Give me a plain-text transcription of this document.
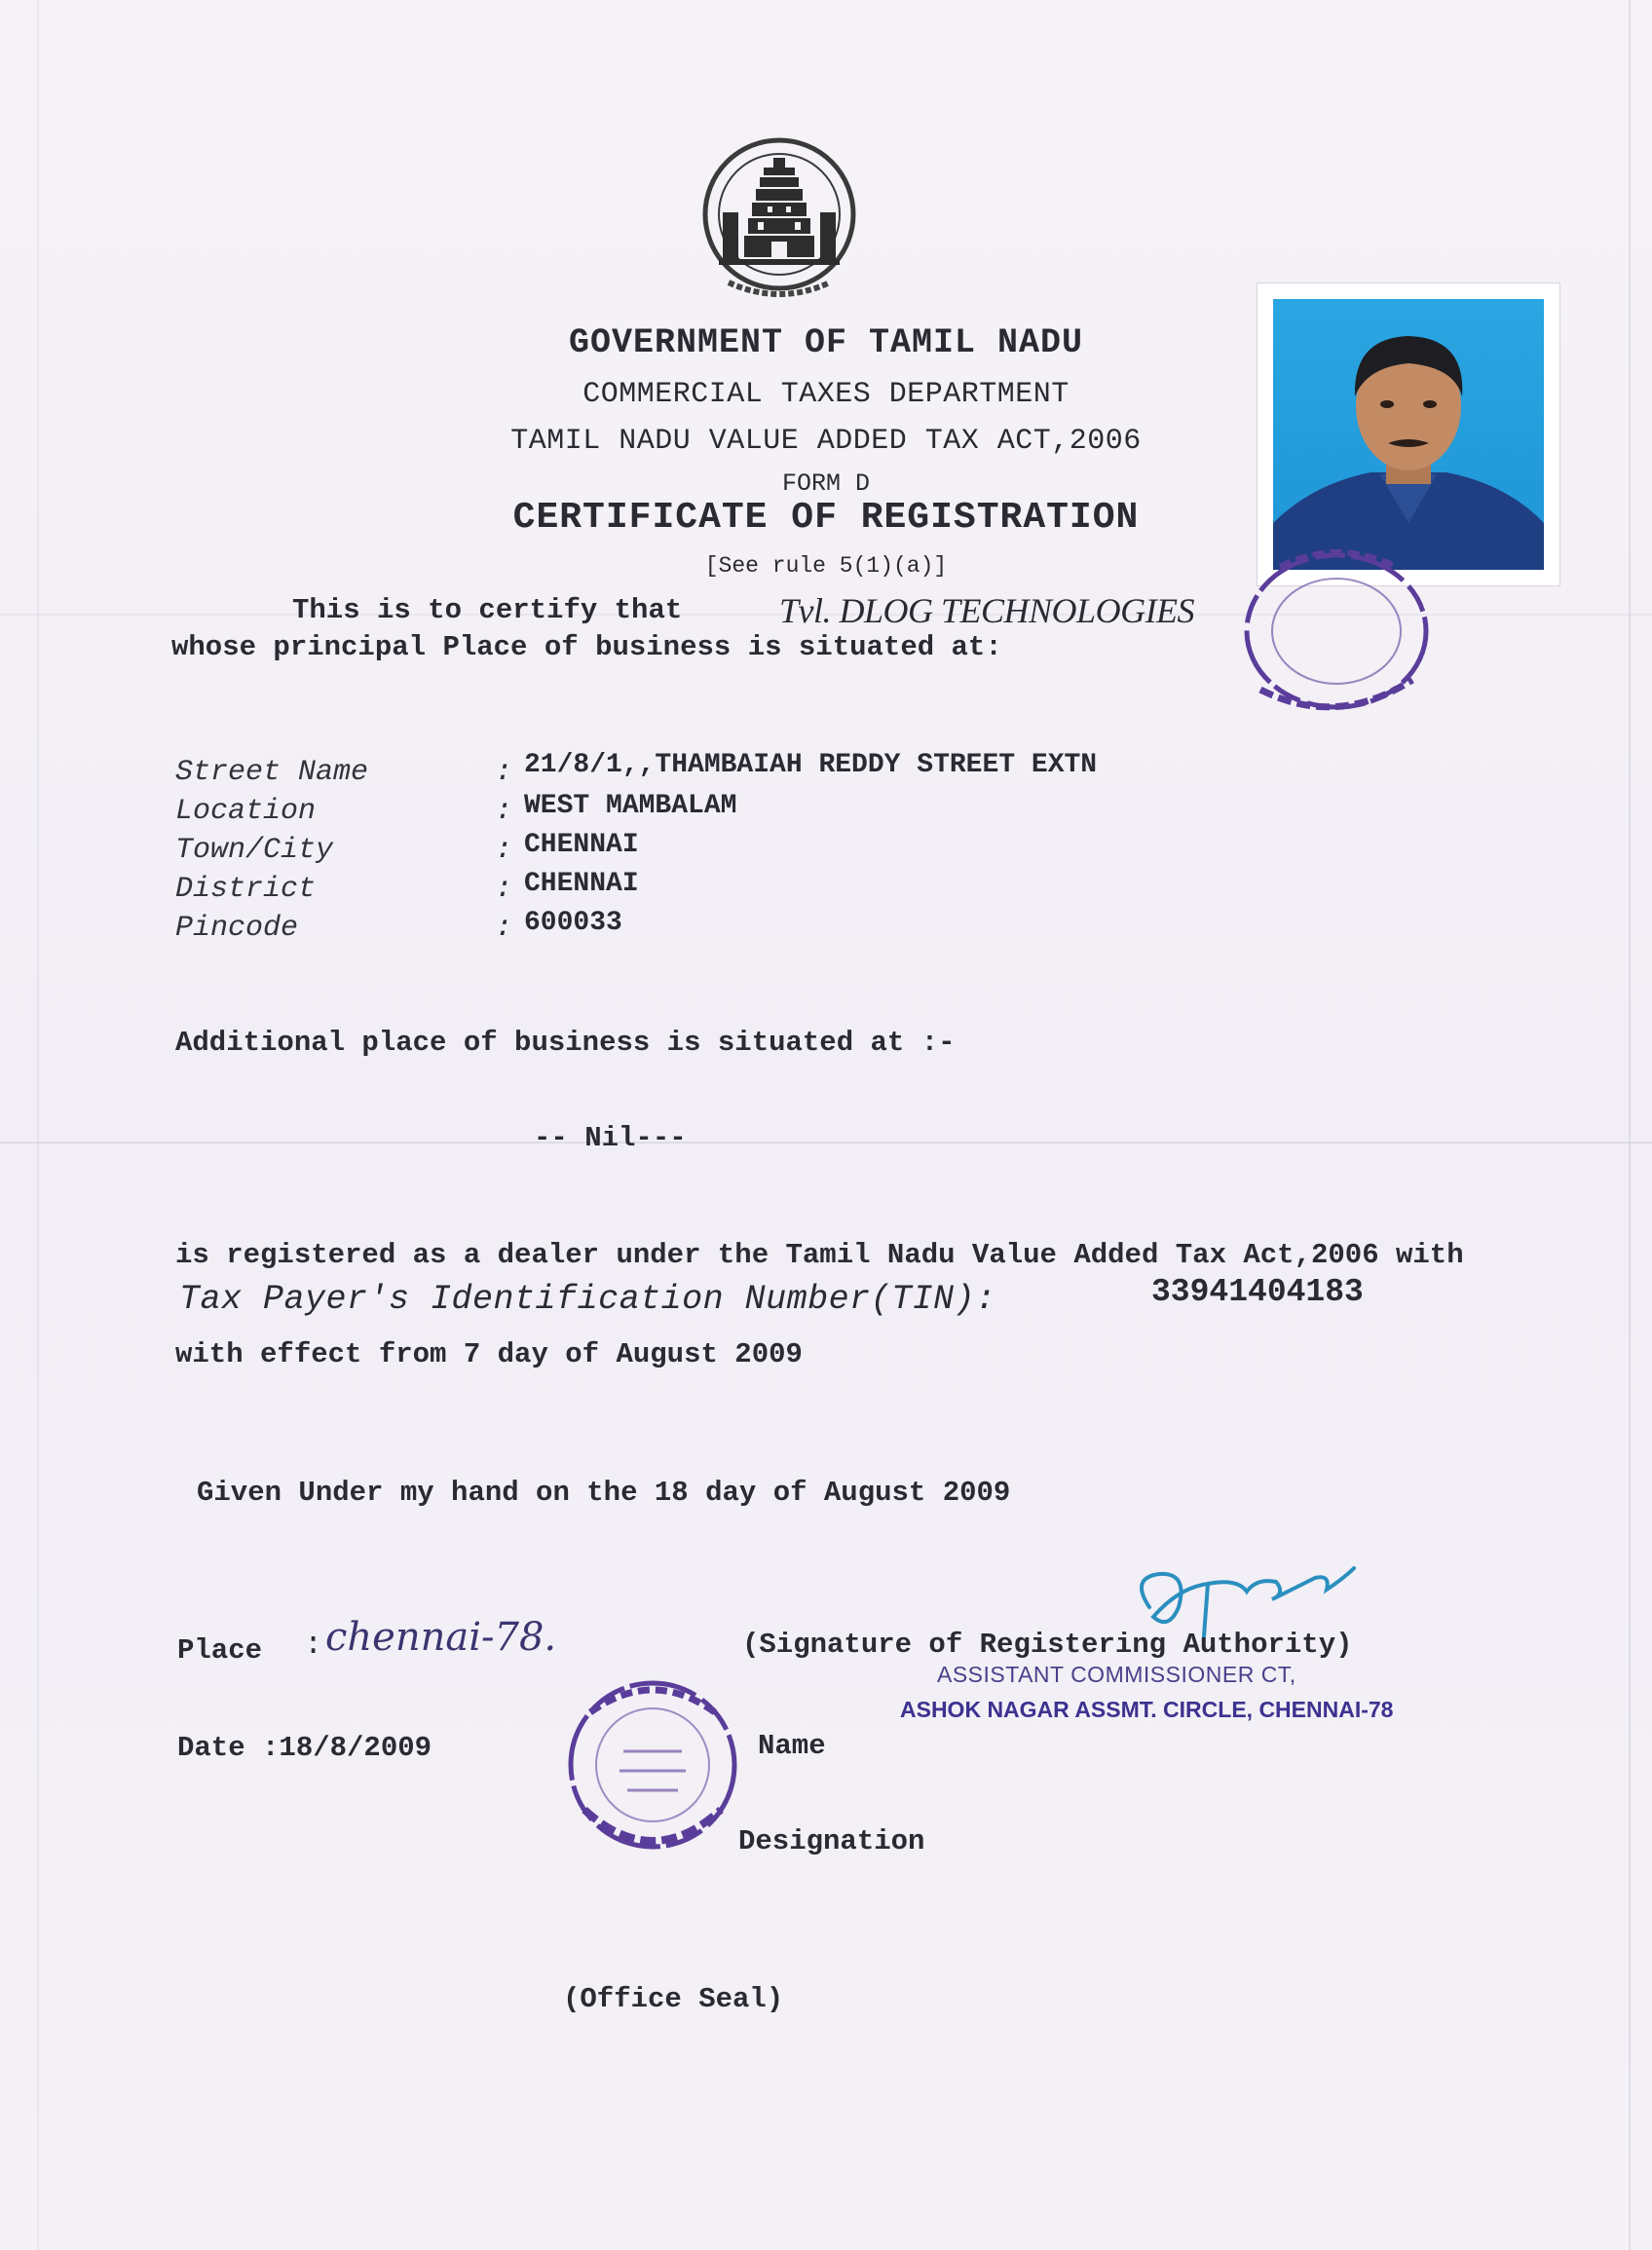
GOVERNMENT OF TAMIL NADU
COMMERCIAL TAXES DEPARTMENT
TAMIL NADU VALUE ADDED TAX ACT,2006
FORM D
CERTIFICATE OF REGISTRATION
[See rule 5(1)(a)]
This is to certify that	Tvl. DLOG TECHNOLOGIES
whose principal Place of business is situated at:
Street Name	: 21/8/1,,THAMBAIAH REDDY STREET EXTN
Location	: WEST MAMBALAM
Town/City	: CHENNAI
District	: CHENNAI
Pincode	: 600033
Additional place of business is situated at :-
-- Nil---
is registered as a dealer under the Tamil Nadu Value Added Tax Act,2006 with
Tax Payer's Identification Number(TIN):	33941404183
with effect from 7 day of August 2009
Given Under my hand on the 18 day of August 2009
Place : chennai-78.	(Signature of Registering Authority)
ASSISTANT COMMISSIONER CT,
ASHOK NAGAR ASSMT. CIRCLE, CHENNAI-78
Date :18/8/2009	Name
Designation
(Office Seal)
